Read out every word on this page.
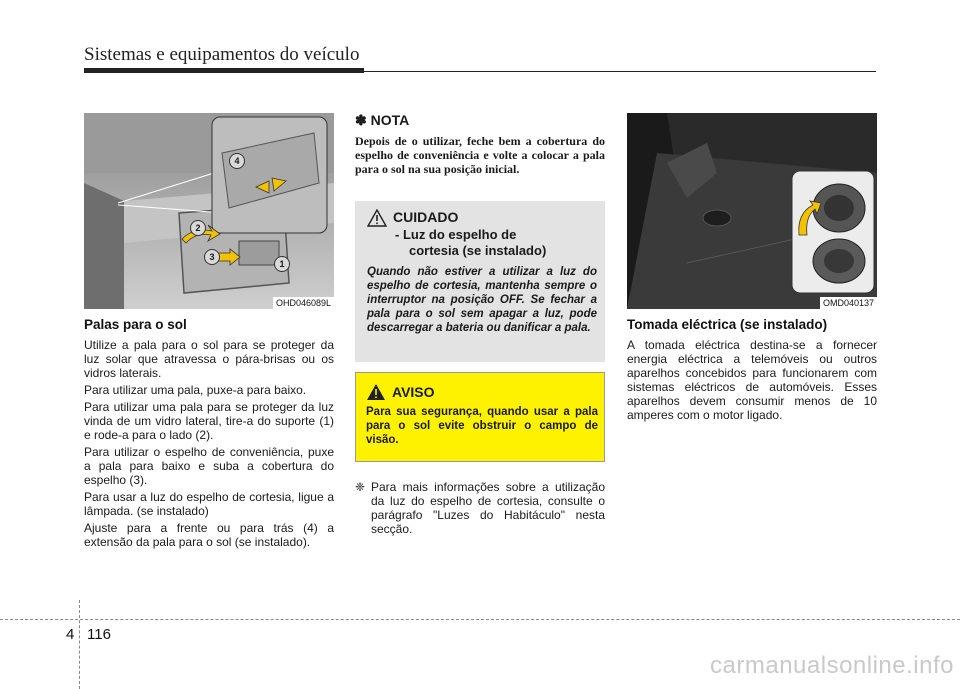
Sistemas e equipamentos do veículo
4
2
3
1
OHD046089L
Palas para o sol

Utilize a pala para o sol para se proteger da luz solar que atravessa o pára-brisas ou os vidros laterais.

Para utilizar uma pala, puxe-a para baixo.

Para utilizar uma pala para se proteger da luz vinda de um vidro lateral, tire-a do suporte (1) e rode-a para o lado (2).

Para utilizar o espelho de conveniência, puxe a pala para baixo e suba a cobertura do espelho (3).

Para usar a luz do espelho de cortesia, ligue a lâmpada. (se instalado)

Ajuste para a frente ou para trás (4) a extensão da pala para o sol (se instalado).

✽ NOTA
Depois de o utilizar, feche bem a cobertura do espelho de conveniência e volte a colocar a pala para o sol na sua posição inicial.
CUIDADO
- Luz do espelho de
cortesia (se instalado)
Quando não estiver a utilizar a luz do espelho de cortesia, mantenha sempre o interruptor na posição OFF. Se fechar a pala para o sol sem apagar a luz, pode descarregar a bateria ou danificar a pala.
AVISO
Para sua segurança, quando usar a pala para o sol evite obstruir o campo de visão.
❈ Para mais informações sobre a utilização da luz do espelho de cortesia, consulte o parágrafo "Luzes do Habitáculo" nesta secção.
OMD040137
Tomada eléctrica (se instalado)

A tomada eléctrica destina-se a fornecer energia eléctrica a telemóveis ou outros aparelhos concebidos para funcionarem com sistemas eléctricos de automóveis. Esses aparelhos devem consumir menos de 10 amperes com o motor ligado.

4 116
carmanualsonline.info
